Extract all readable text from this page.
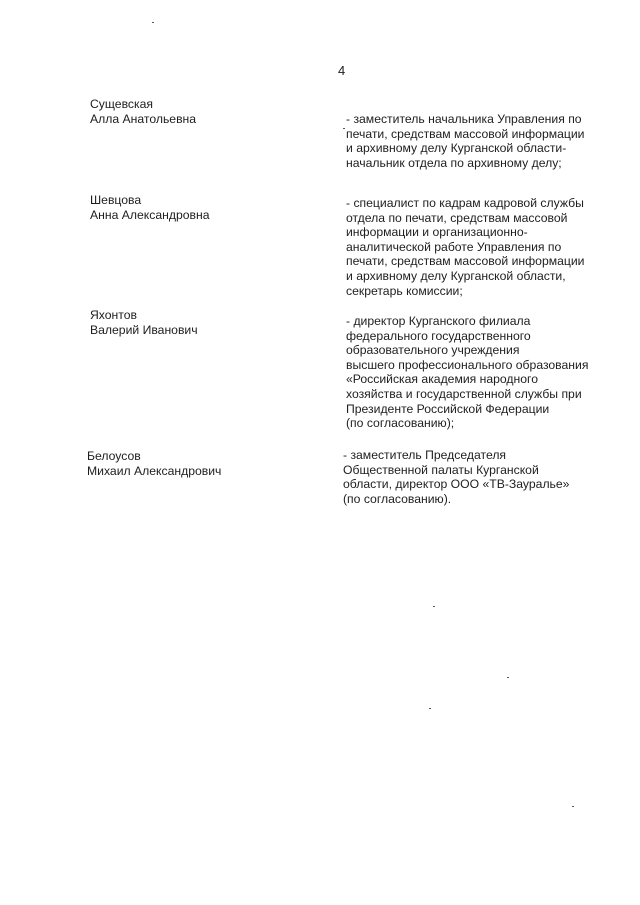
4
Сущевская
Алла Анатольевна	- заместитель начальника Управления по
печати, средствам массовой информации
и архивному делу Курганской области-
начальник отдела по архивному делу;
Шевцова
Анна Александровна
- специалист по кадрам кадровой службы
отдела по печати, средствам массовой
информации и организационно-
аналитической работе Управления по
печати, средствам массовой информации
и архивному делу Курганской области,
секретарь комиссии;
Яхонтов
Валерий Иванович
- директор Курганского филиала
федерального государственного
образовательного учреждения
высшего профессионального образования
«Российская академия народного
хозяйства и государственной службы при
Президенте Российской Федерации
(по согласованию);
Белоусов
Михаил Александрович
- заместитель Председателя
Общественной палаты Курганской
области, директор ООО «ТВ-Зауралье»
(по согласованию).
